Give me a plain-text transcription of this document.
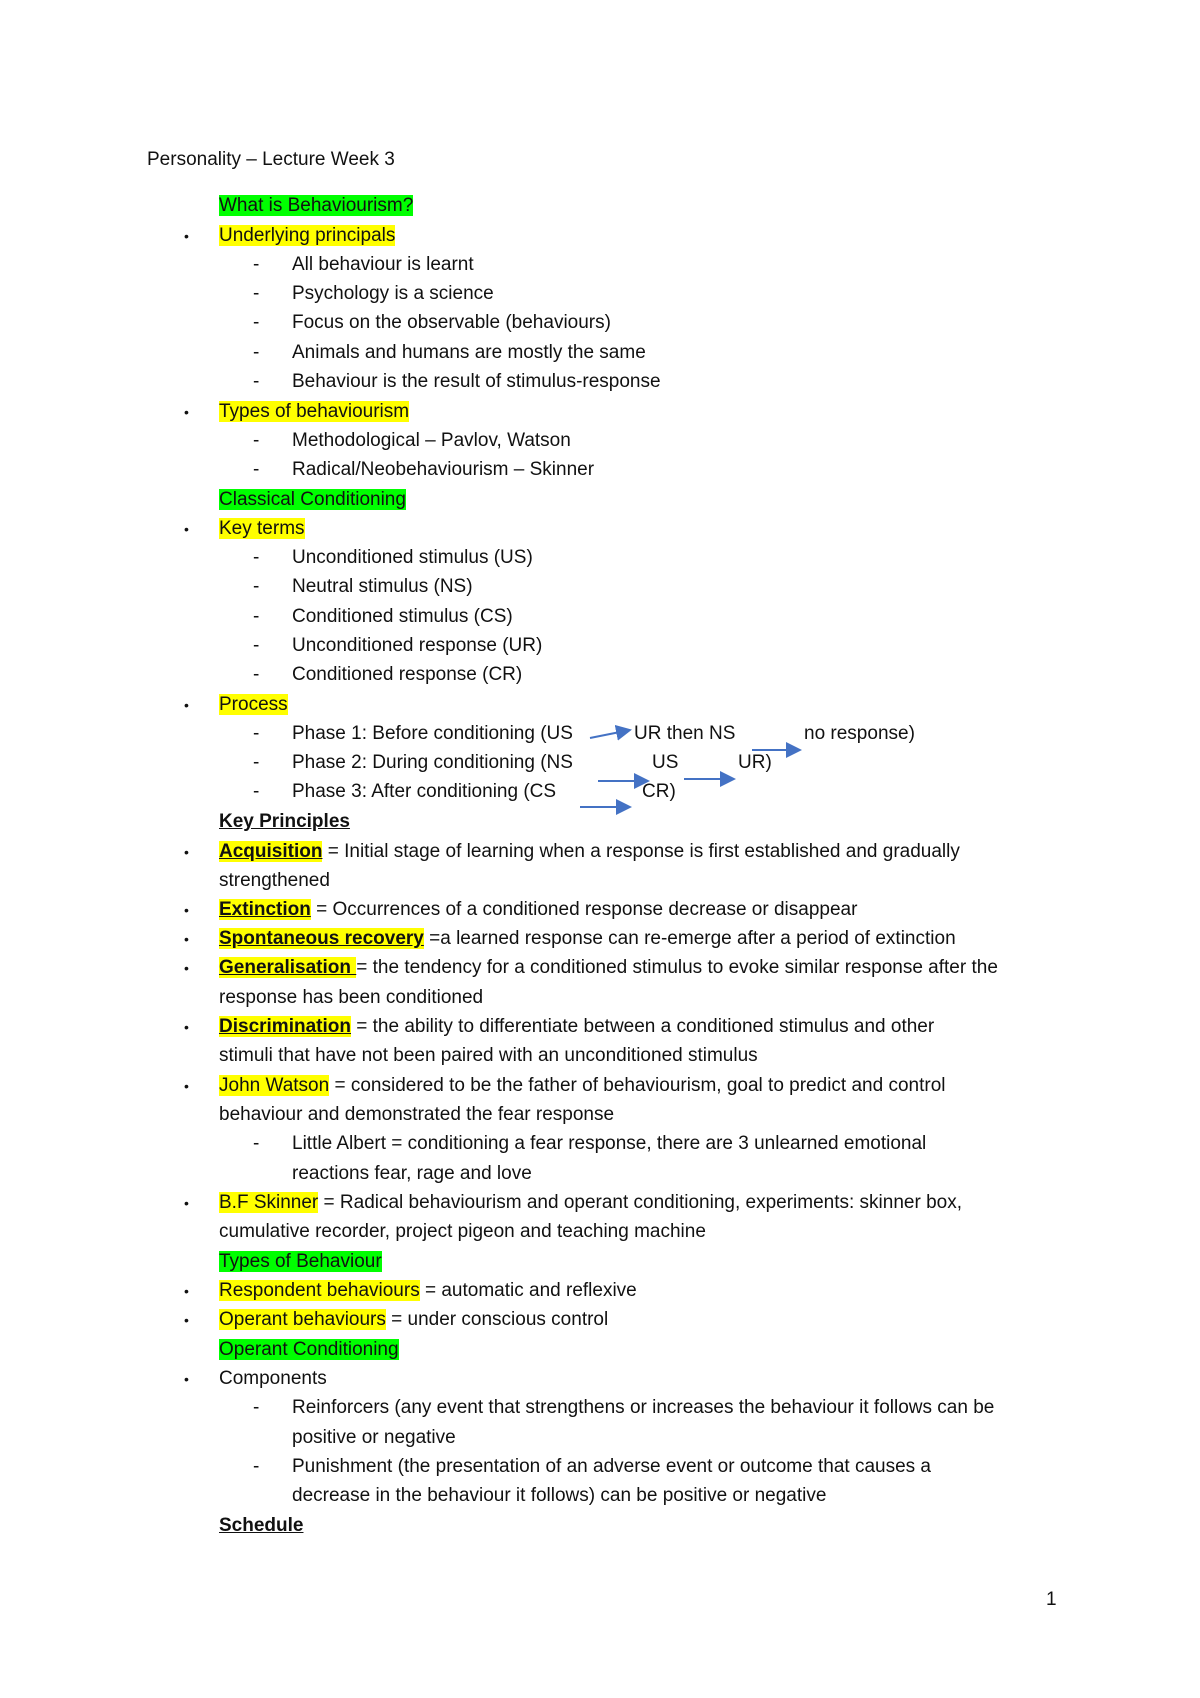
Personality – Lecture Week 3
What is Behaviourism?
• Underlying principals
- All behaviour is learnt
- Psychology is a science
- Focus on the observable (behaviours)
- Animals and humans are mostly the same
- Behaviour is the result of stimulus-response
• Types of behaviourism
- Methodological – Pavlov, Watson
- Radical/Neobehaviourism – Skinner
Classical Conditioning
• Key terms
- Unconditioned stimulus (US)
- Neutral stimulus (NS)
- Conditioned stimulus (CS)
- Unconditioned response (UR)
- Conditioned response (CR)
• Process
- Phase 1: Before conditioning (US	UR then NS	no response)
- Phase 2: During conditioning (NS	US	UR)
- Phase 3: After conditioning (CS	CR)
Key Principles
• Acquisition = Initial stage of learning when a response is first established and gradually
strengthened
• Extinction = Occurrences of a conditioned response decrease or disappear
• Spontaneous recovery =a learned response can re-emerge after a period of extinction
• Generalisation = the tendency for a conditioned stimulus to evoke similar response after the
response has been conditioned
• Discrimination = the ability to differentiate between a conditioned stimulus and other
stimuli that have not been paired with an unconditioned stimulus
• John Watson = considered to be the father of behaviourism, goal to predict and control
behaviour and demonstrated the fear response
- Little Albert = conditioning a fear response, there are 3 unlearned emotional
reactions fear, rage and love
• B.F Skinner = Radical behaviourism and operant conditioning, experiments: skinner box,
cumulative recorder, project pigeon and teaching machine
Types of Behaviour
• Respondent behaviours = automatic and reflexive
• Operant behaviours = under conscious control
Operant Conditioning
• Components
- Reinforcers (any event that strengthens or increases the behaviour it follows can be
positive or negative
- Punishment (the presentation of an adverse event or outcome that causes a
decrease in the behaviour it follows) can be positive or negative
Schedule
1
